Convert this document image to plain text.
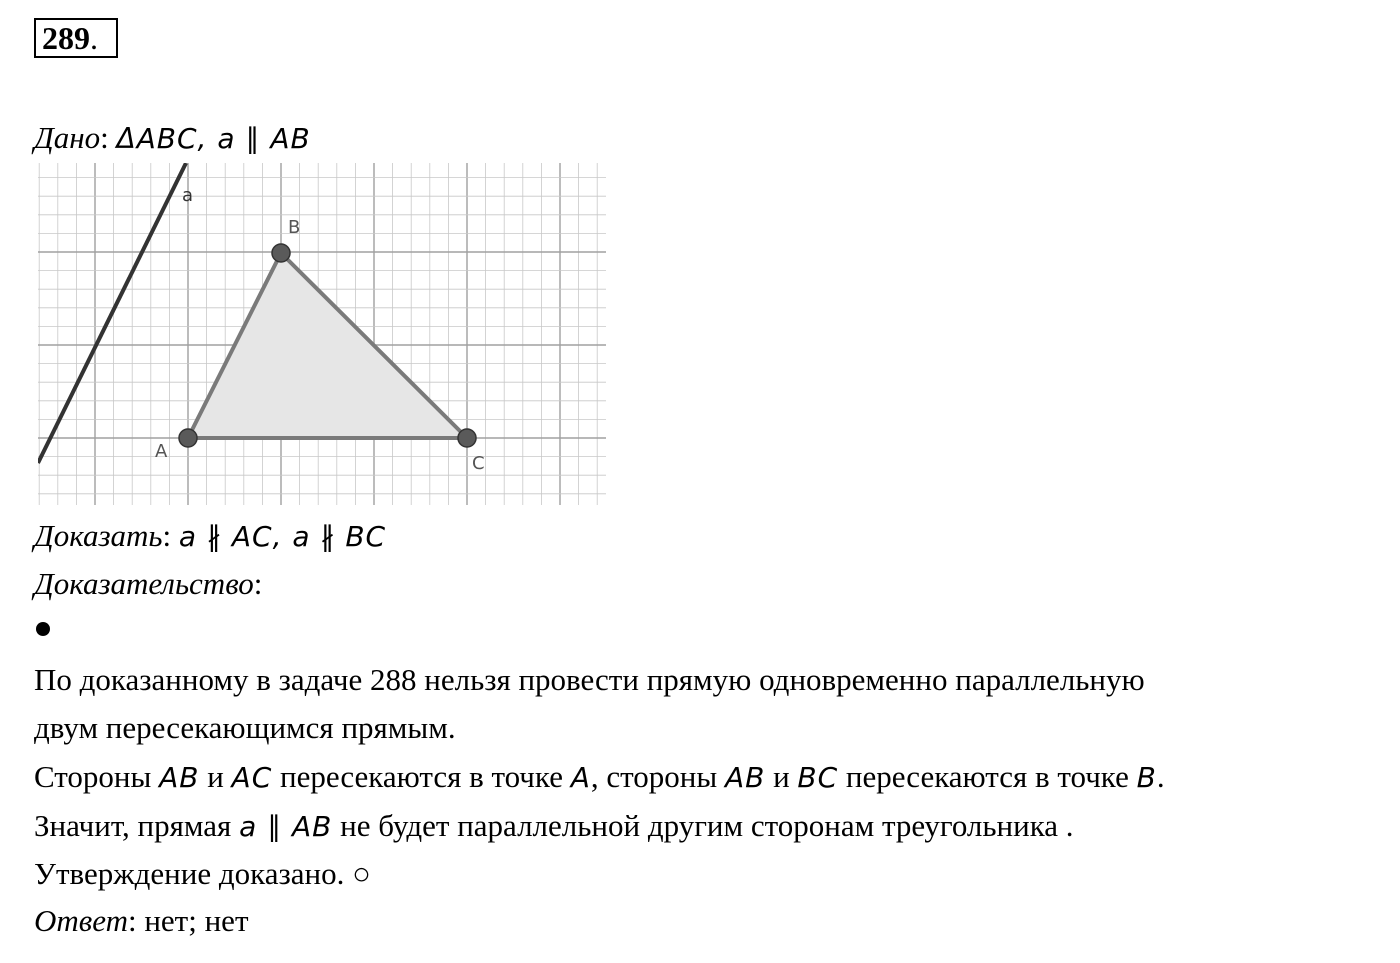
289.
Дано: ΔABC, a ∥ AB
a
A
B
C
Доказать: a ∦ AC, a ∦ BC
Доказательство:
По доказанному в задаче 288 нельзя провести прямую одновременно параллельную
двум пересекающимся прямым.
Стороны AB и AC пересекаются в точке A, стороны AB и BC пересекаются в точке B.
Значит, прямая a ∥ AB не будет параллельной другим сторонам треугольника .
Утверждение доказано. ○
Ответ: нет; нет
